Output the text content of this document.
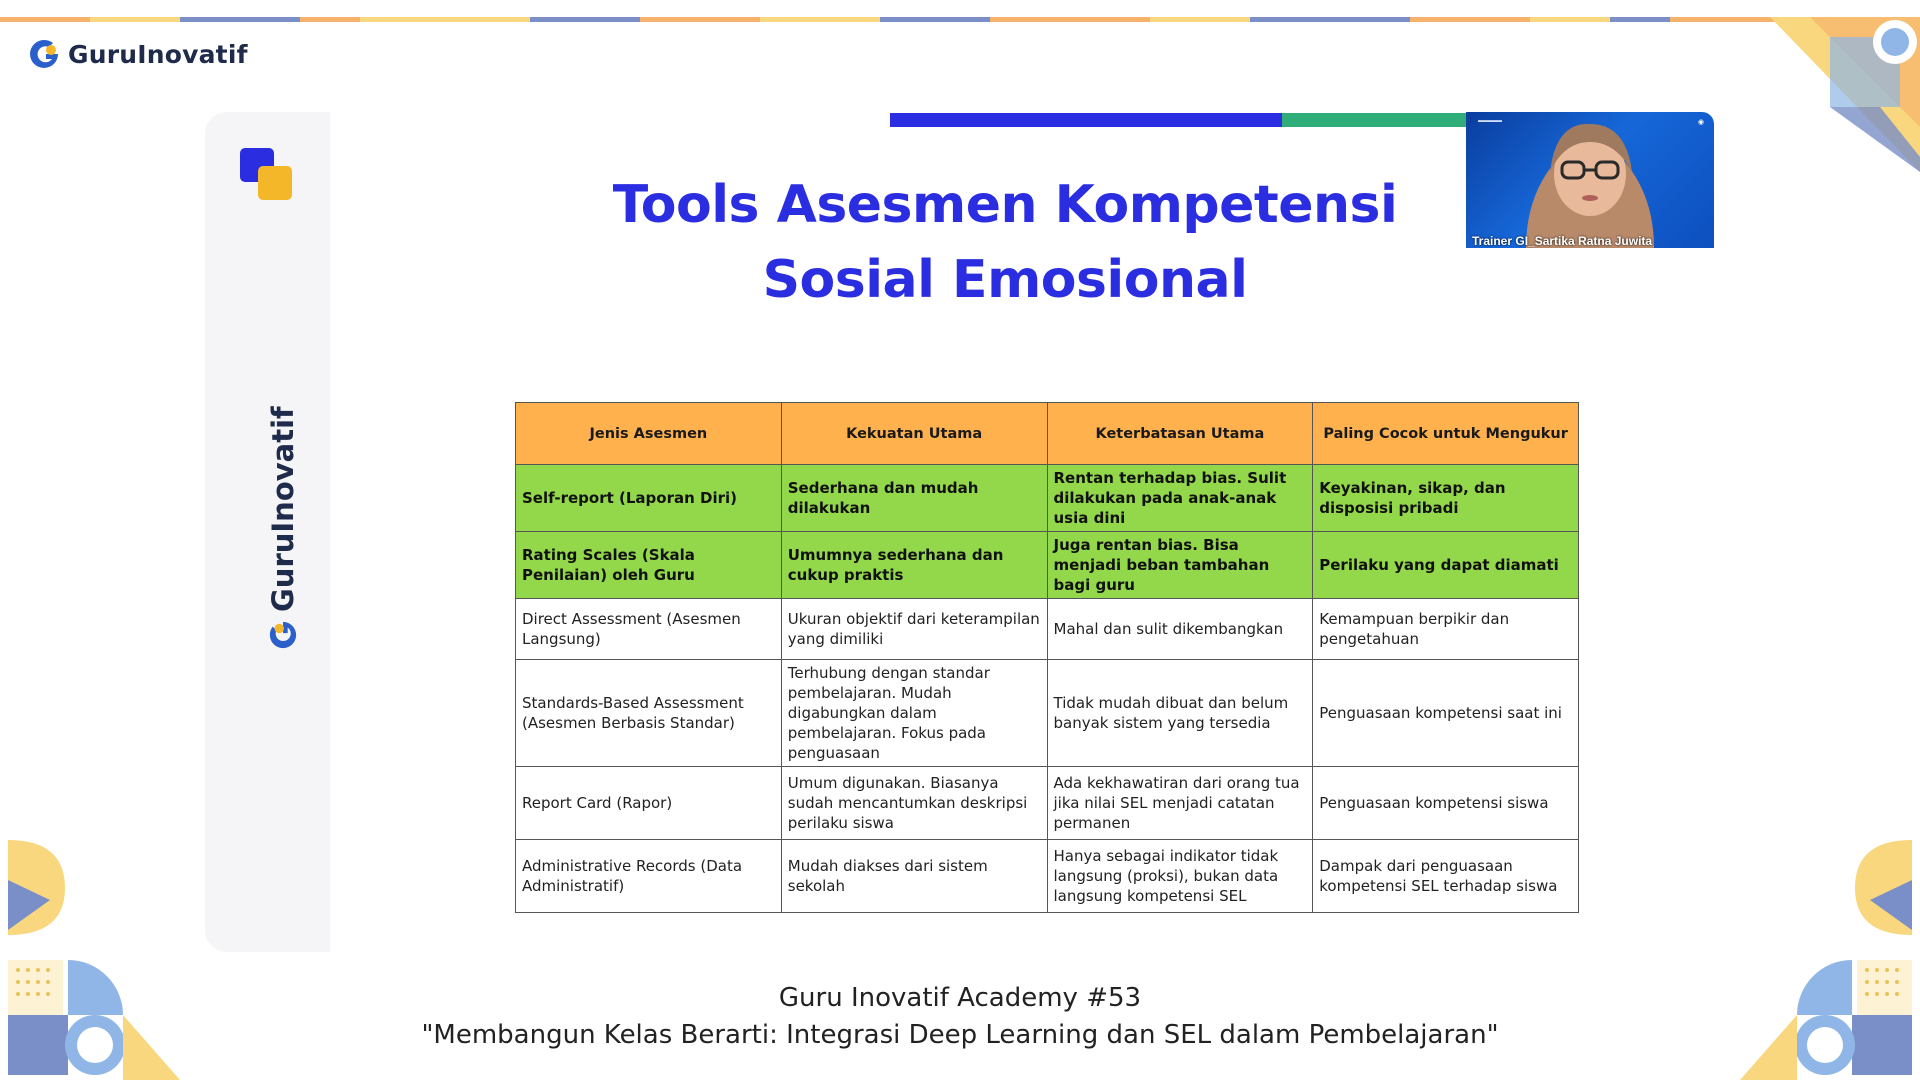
GuruInovatif
GuruInovatif
Tools Asesmen Kompetensi Sosial Emosional
▬▬▬▬	◉
Trainer GI_Sartika Ratna Juwita
Jenis Asesmen	Kekuatan Utama	Keterbatasan Utama	Paling Cocok untuk Mengukur
Self-report (Laporan Diri)	Sederhana dan mudah dilakukan	Rentan terhadap bias. Sulit dilakukan pada anak-anak usia dini	Keyakinan, sikap, dan disposisi pribadi
Rating Scales (Skala Penilaian) oleh Guru	Umumnya sederhana dan cukup praktis	Juga rentan bias. Bisa menjadi beban tambahan bagi guru	Perilaku yang dapat diamati
Direct Assessment (Asesmen Langsung)	Ukuran objektif dari keterampilan yang dimiliki	Mahal dan sulit dikembangkan	Kemampuan berpikir dan pengetahuan
Standards-Based Assessment (Asesmen Berbasis Standar)	Terhubung dengan standar pembelajaran. Mudah digabungkan dalam pembelajaran. Fokus pada penguasaan	Tidak mudah dibuat dan belum banyak sistem yang tersedia	Penguasaan kompetensi saat ini
Report Card (Rapor)	Umum digunakan. Biasanya sudah mencantumkan deskripsi perilaku siswa	Ada kekhawatiran dari orang tua jika nilai SEL menjadi catatan permanen	Penguasaan kompetensi siswa
Administrative Records (Data Administratif)	Mudah diakses dari sistem sekolah	Hanya sebagai indikator tidak langsung (proksi), bukan data langsung kompetensi SEL	Dampak dari penguasaan kompetensi SEL terhadap siswa
Guru Inovatif Academy #53
"Membangun Kelas Berarti: Integrasi Deep Learning dan SEL dalam Pembelajaran"
